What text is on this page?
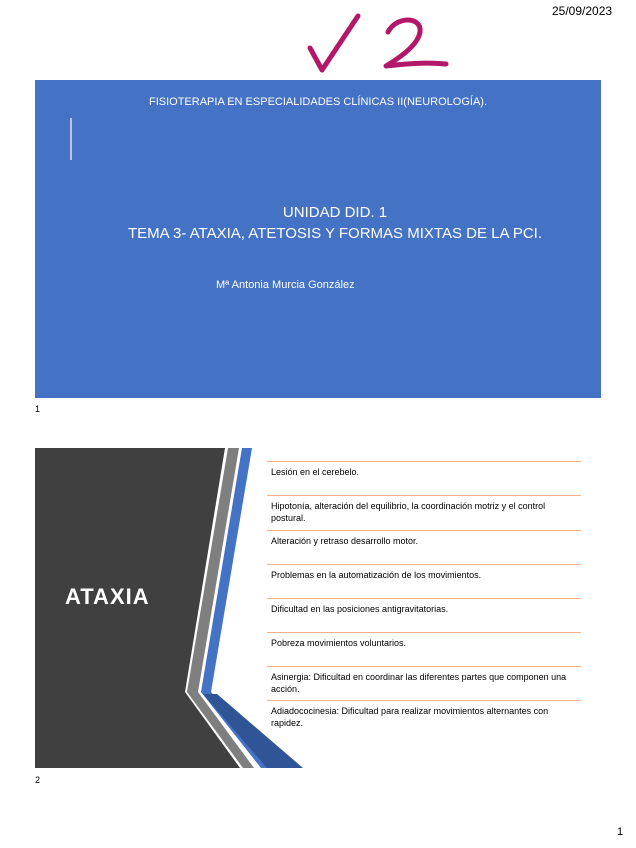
25/09/2023
FISIOTERAPIA EN ESPECIALIDADES CLÍNICAS II(NEUROLOGÍA).
UNIDAD DID. 1
TEMA 3- ATAXIA, ATETOSIS Y FORMAS MIXTAS DE LA PCI.
Mª Antonia Murcia González
1
ATAXIA
Lesión en el cerebelo.
Hipotonía, alteración del equilibrio, la coordinación motriz y el control postural.
Alteración y retraso desarrollo motor.
Problemas en la automatización de los movimientos.
Dificultad en las posiciones antigravitatorias.
Pobreza movimientos voluntarios.
Asinergia: Dificultad en coordinar las diferentes partes que componen una acción.
Adiadococinesia: Dificultad para realizar movimientos alternantes con rapidez.
2
1
